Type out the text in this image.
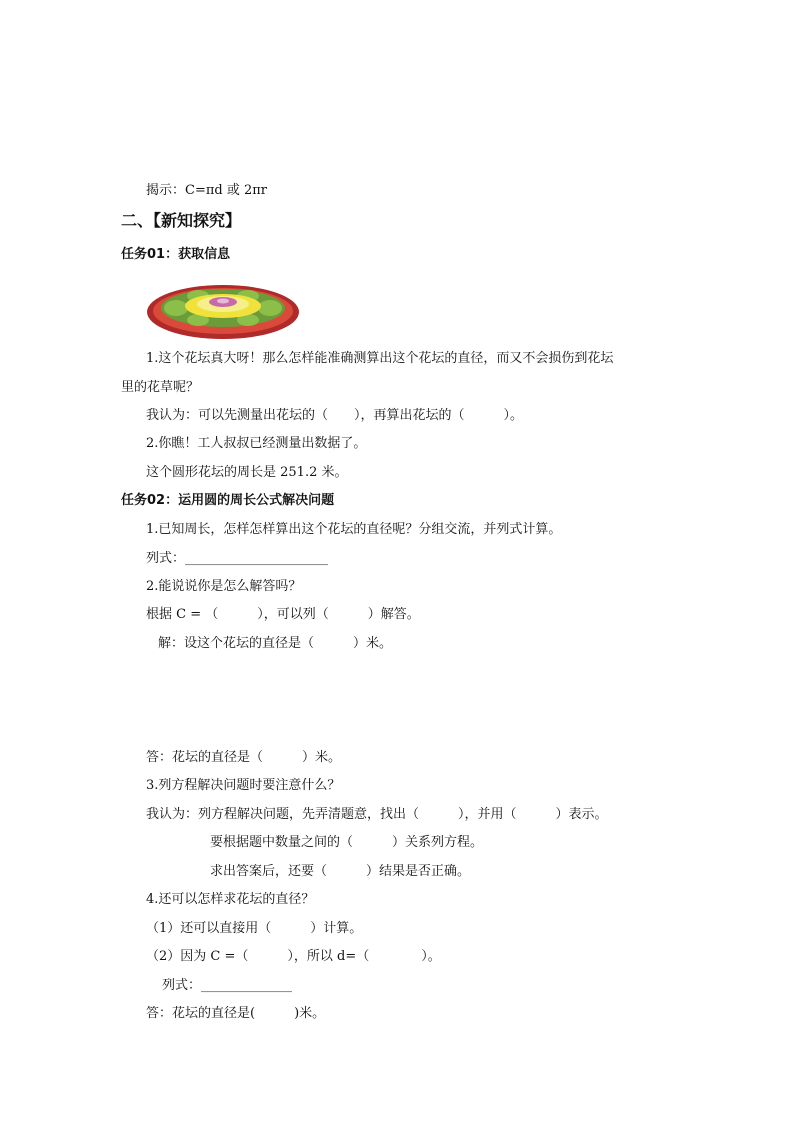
揭示：C=πd 或 2πr
二、【新知探究】
任务01：获取信息
1.这个花坛真大呀！那么怎样能准确测算出这个花坛的直径，而又不会损伤到花坛
里的花草呢？
我认为：可以先测量出花坛的（　　），再算出花坛的（　　　）。
2.你瞧！工人叔叔已经测量出数据了。
这个圆形花坛的周长是 251.2 米。
任务02：运用圆的周长公式解决问题
1.已知周长，怎样怎样算出这个花坛的直径呢？分组交流，并列式计算。
列式：______________________
2.能说说你是怎么解答吗？
根据 C = （　　　），可以列（　　　）解答。
解：设这个花坛的直径是（　　　）米。
答：花坛的直径是（　　　）米。
3.列方程解决问题时要注意什么？
我认为：列方程解决问题，先弄清题意，找出（　　　），并用（　　　）表示。
要根据题中数量之间的（　　　）关系列方程。
求出答案后，还要（　　　）结果是否正确。
4.还可以怎样求花坛的直径？
（1）还可以直接用（　　　）计算。
（2）因为 C =（　　　），所以 d=（　　　　）。
列式：______________
答：花坛的直径是(　　　)米。
